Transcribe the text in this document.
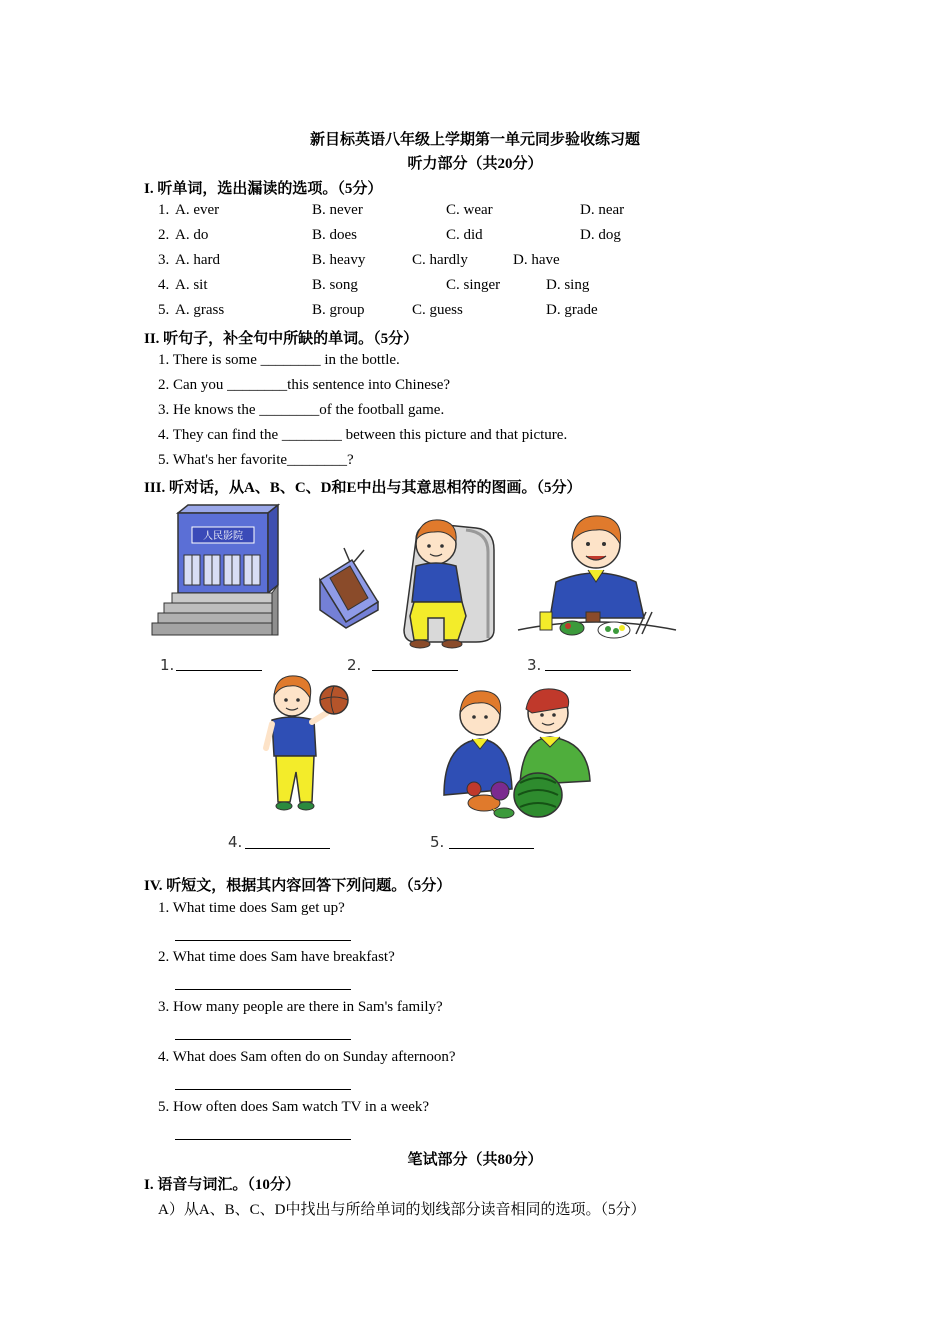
新目标英语八年级上学期第一单元同步验收练习题
听力部分（共20分）
I. 听单词，选出漏读的选项。（5分）
1. A. ever	B. never	C. wear	D. near
2. A. do	B. does	C. did	D. dog
3. A. hard	B. heavy	C. hardly	D. have
4. A. sit	B. song	C. singer	D. sing
5. A. grass	B. group	C. guess	D. grade
II. 听句子，补全句中所缺的单词。（5分）
1. There is some ________ in the bottle.
2. Can you ________this sentence into Chinese?
3. He knows the ________of the football game.
4. They can find the ________ between this picture and that picture.
5. What's her favorite________?
III. 听对话，从A、B、C、D和E中出与其意思相符的图画。（5分）
人民影院
1.	2.	3.
4.	5.
IV. 听短文，根据其内容回答下列问题。（5分）
1. What time does Sam get up?
2. What time does Sam have breakfast?
3. How many people are there in Sam's family?
4. What does Sam often do on Sunday afternoon?
5. How often does Sam watch TV in a week?
笔试部分（共80分）
I. 语音与词汇。（10分）
A）从A、B、C、D中找出与所给单词的划线部分读音相同的选项。（5分）
